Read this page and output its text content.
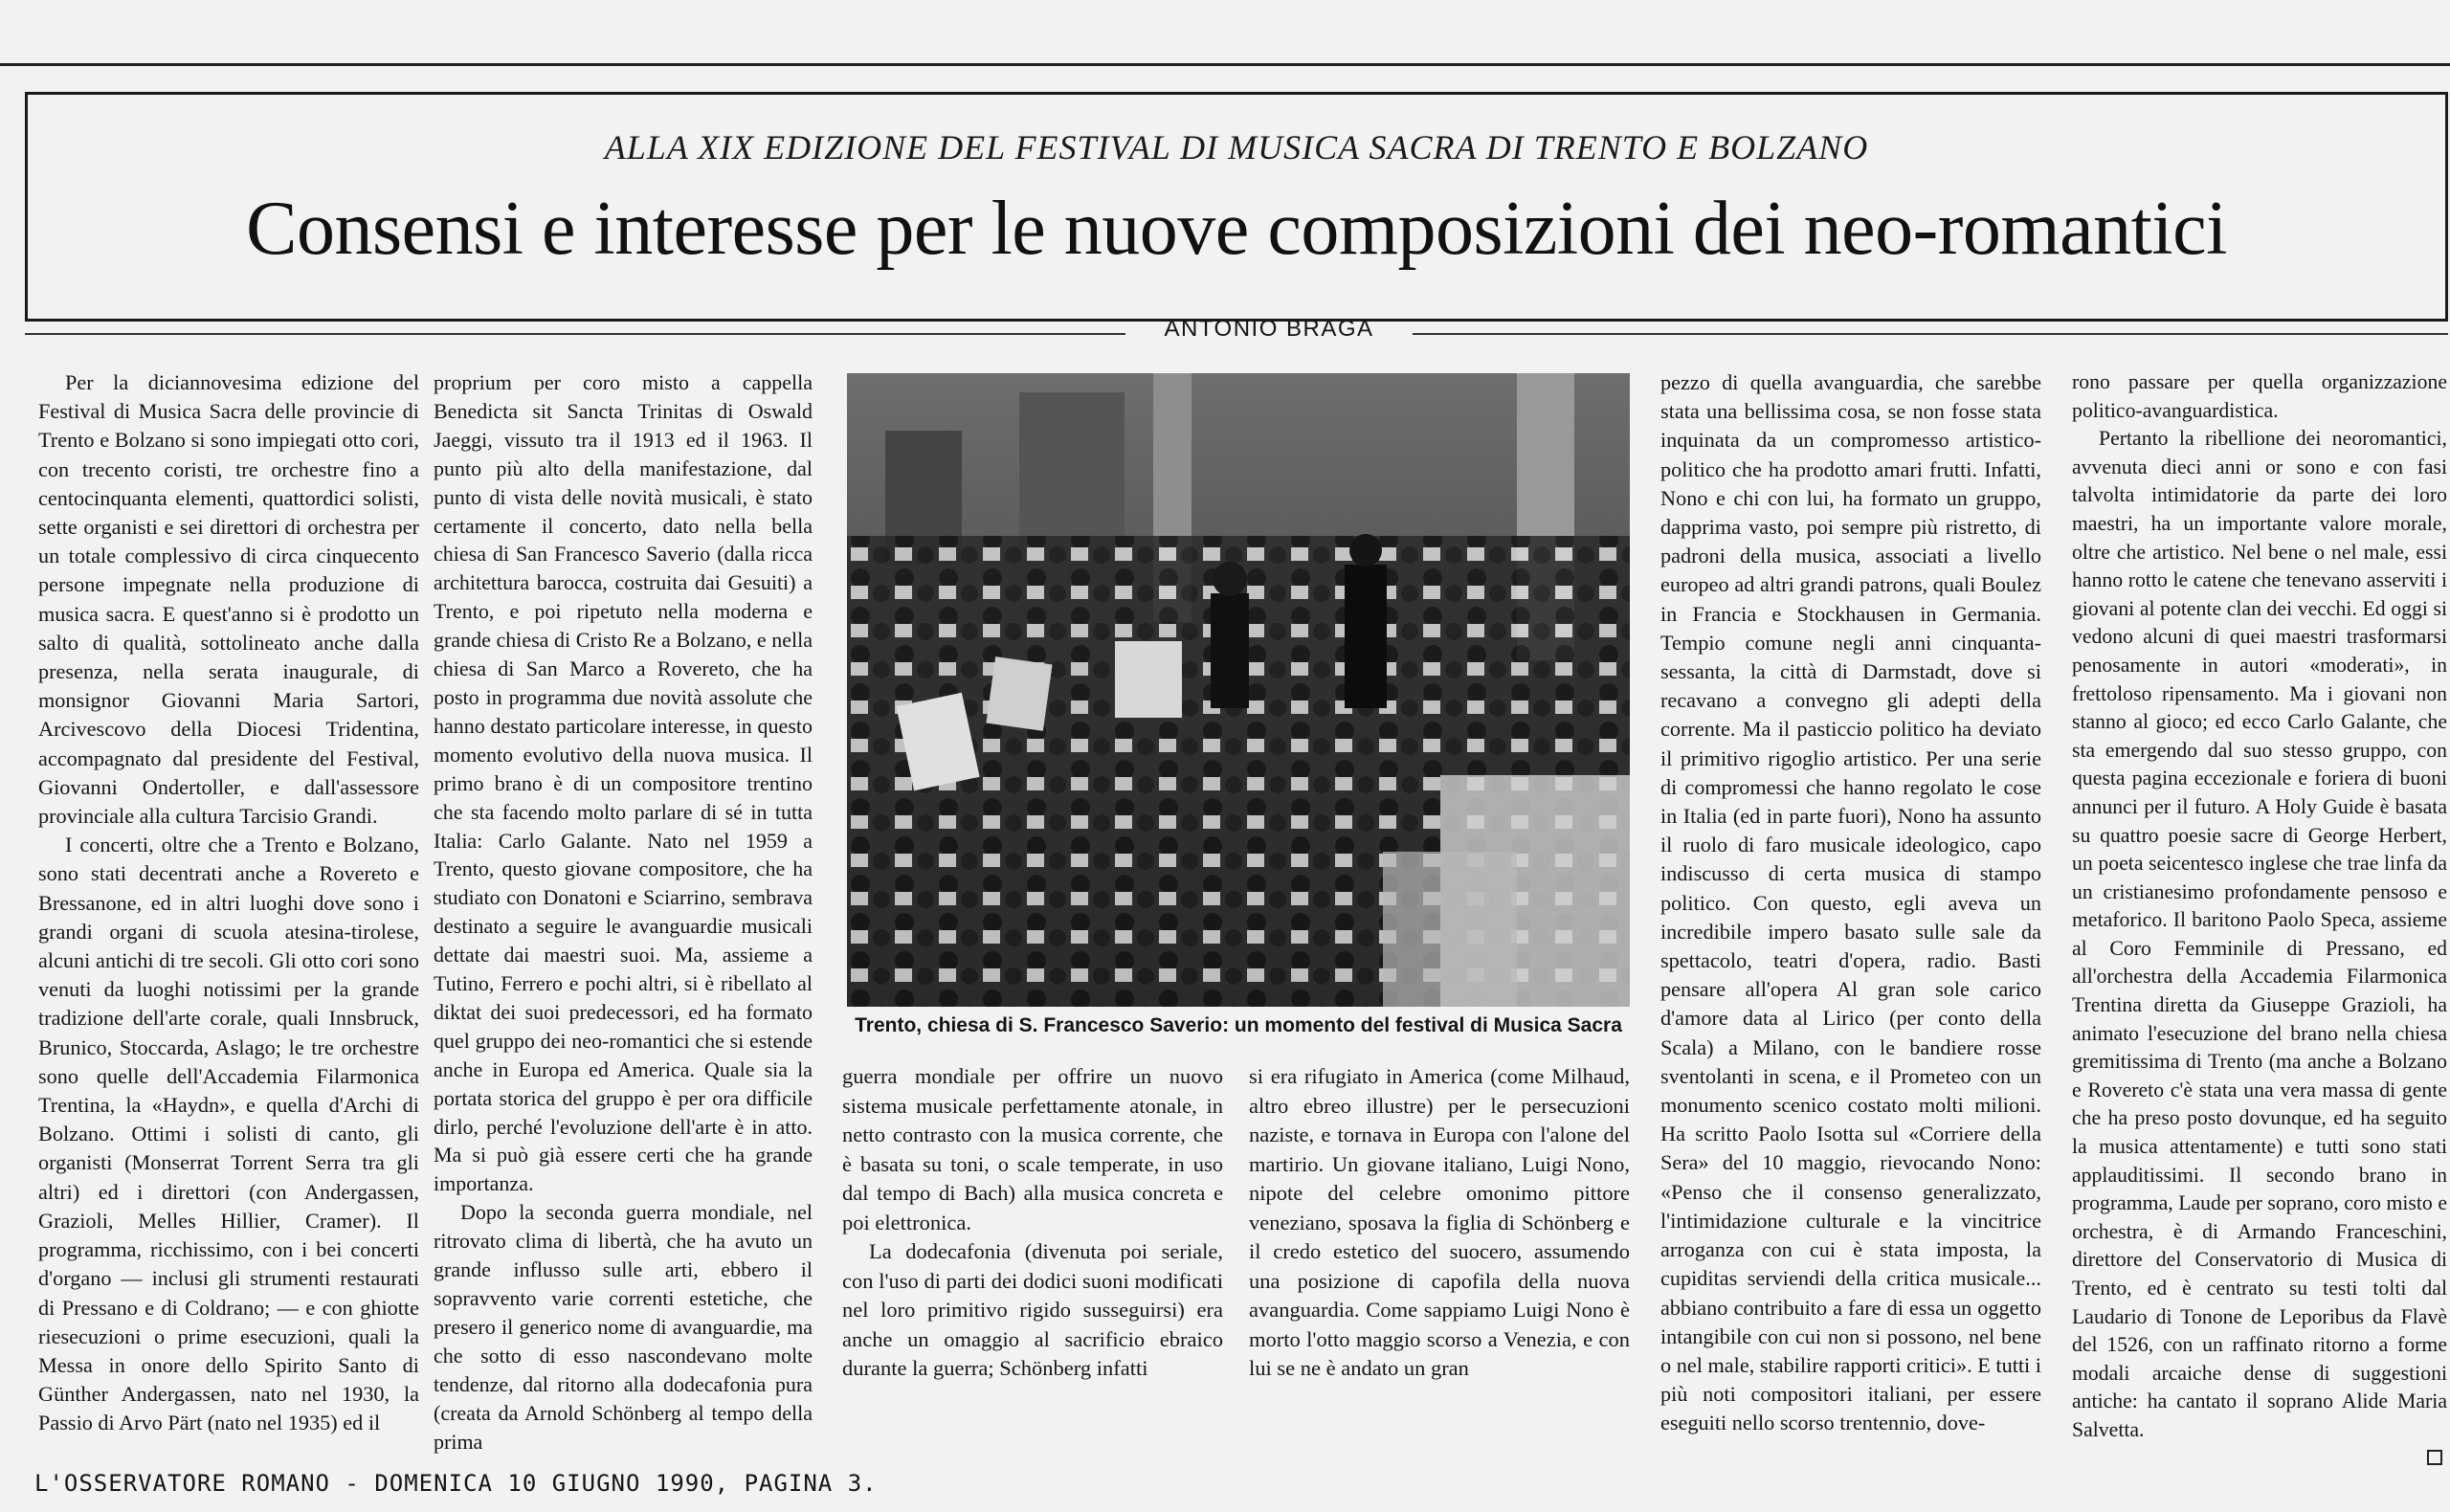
ALLA XIX EDIZIONE DEL FESTIVAL DI MUSICA SACRA DI TRENTO E BOLZANO
Consensi e interesse per le nuove composizioni dei neo-romantici
ANTONIO BRAGA

Per la diciannovesima edizione del Festival di Musica Sacra delle provincie di Trento e Bolzano si sono impiegati otto cori, con trecento coristi, tre orchestre fino a centocinquanta elementi, quattordici solisti, sette organisti e sei direttori di orchestra per un totale complessivo di circa cinquecento persone impegnate nella produzione di musica sacra. E quest'anno si è prodotto un salto di qualità, sottolineato anche dalla presenza, nella serata inaugurale, di monsignor Giovanni Maria Sartori, Arcivescovo della Diocesi Tridentina, accompagnato dal presidente del Festival, Giovanni Ondertoller, e dall'assessore provinciale alla cultura Tarcisio Grandi.

I concerti, oltre che a Trento e Bolzano, sono stati decentrati anche a Rovereto e Bressanone, ed in altri luoghi dove sono i grandi organi di scuola atesina-tirolese, alcuni antichi di tre secoli. Gli otto cori sono venuti da luoghi notissimi per la grande tradizione dell'arte corale, quali Innsbruck, Brunico, Stoccarda, Aslago; le tre orchestre sono quelle dell'Accademia Filarmonica Trentina, la «Haydn», e quella d'Archi di Bolzano. Ottimi i solisti di canto, gli organisti (Monserrat Torrent Serra tra gli altri) ed i direttori (con Andergassen, Grazioli, Melles Hillier, Cramer). Il programma, ricchissimo, con i bei concerti d'organo — inclusi gli strumenti restaurati di Pressano e di Coldrano; — e con ghiotte riesecuzioni o prime esecuzioni, quali la Messa in onore dello Spirito Santo di Günther Andergassen, nato nel 1930, la Passio di Arvo Pärt (nato nel 1935) ed il

proprium per coro misto a cappella Benedicta sit Sancta Trinitas di Oswald Jaeggi, vissuto tra il 1913 ed il 1963. Il punto più alto della manifestazione, dal punto di vista delle novità musicali, è stato certamente il concerto, dato nella bella chiesa di San Francesco Saverio (dalla ricca architettura barocca, costruita dai Gesuiti) a Trento, e poi ripetuto nella moderna e grande chiesa di Cristo Re a Bolzano, e nella chiesa di San Marco a Rovereto, che ha posto in programma due novità assolute che hanno destato particolare interesse, in questo momento evolutivo della nuova musica. Il primo brano è di un compositore trentino che sta facendo molto parlare di sé in tutta Italia: Carlo Galante. Nato nel 1959 a Trento, questo giovane compositore, che ha studiato con Donatoni e Sciarrino, sembrava destinato a seguire le avanguardie musicali dettate dai maestri suoi. Ma, assieme a Tutino, Ferrero e pochi altri, si è ribellato al diktat dei suoi predecessori, ed ha formato quel gruppo dei neo-romantici che si estende anche in Europa ed America. Quale sia la portata storica del gruppo è per ora difficile dirlo, perché l'evoluzione dell'arte è in atto. Ma si può già essere certi che ha grande importanza.

Dopo la seconda guerra mondiale, nel ritrovato clima di libertà, che ha avuto un grande influsso sulle arti, ebbero il sopravvento varie correnti estetiche, che presero il generico nome di avanguardie, ma che sotto di esso nascondevano molte tendenze, dal ritorno alla dodecafonia pura (creata da Arnold Schönberg al tempo della prima

Trento, chiesa di S. Francesco Saverio: un momento del festival di Musica Sacra

guerra mondiale per offrire un nuovo sistema musicale perfettamente atonale, in netto contrasto con la musica corrente, che è basata su toni, o scale temperate, in uso dal tempo di Bach) alla musica concreta e poi elettronica.

La dodecafonia (divenuta poi seriale, con l'uso di parti dei dodici suoni modificati nel loro primitivo rigido susseguirsi) era anche un omaggio al sacrificio ebraico durante la guerra; Schönberg infatti

si era rifugiato in America (come Milhaud, altro ebreo illustre) per le persecuzioni naziste, e tornava in Europa con l'alone del martirio. Un giovane italiano, Luigi Nono, nipote del celebre omonimo pittore veneziano, sposava la figlia di Schönberg e il credo estetico del suocero, assumendo una posizione di capofila della nuova avanguardia. Come sappiamo Luigi Nono è morto l'otto maggio scorso a Venezia, e con lui se ne è andato un gran

pezzo di quella avanguardia, che sarebbe stata una bellissima cosa, se non fosse stata inquinata da un compromesso artistico-politico che ha prodotto amari frutti. Infatti, Nono e chi con lui, ha formato un gruppo, dapprima vasto, poi sempre più ristretto, di padroni della musica, associati a livello europeo ad altri grandi patrons, quali Boulez in Francia e Stockhausen in Germania. Tempio comune negli anni cinquanta-sessanta, la città di Darmstadt, dove si recavano a convegno gli adepti della corrente. Ma il pasticcio politico ha deviato il primitivo rigoglio artistico. Per una serie di compromessi che hanno regolato le cose in Italia (ed in parte fuori), Nono ha assunto il ruolo di faro musicale ideologico, capo indiscusso di certa musica di stampo politico. Con questo, egli aveva un incredibile impero basato sulle sale da spettacolo, teatri d'opera, radio. Basti pensare all'opera Al gran sole carico d'amore data al Lirico (per conto della Scala) a Milano, con le bandiere rosse sventolanti in scena, e il Prometeo con un monumento scenico costato molti milioni. Ha scritto Paolo Isotta sul «Corriere della Sera» del 10 maggio, rievocando Nono: «Penso che il consenso generalizzato, l'intimidazione culturale e la vincitrice arroganza con cui è stata imposta, la cupiditas serviendi della critica musicale... abbiano contribuito a fare di essa un oggetto intangibile con cui non si possono, nel bene o nel male, stabilire rapporti critici». E tutti i più noti compositori italiani, per essere eseguiti nello scorso trentennio, dove-

rono passare per quella organizzazione politico-avanguardistica.

Pertanto la ribellione dei neoromantici, avvenuta dieci anni or sono e con fasi talvolta intimidatorie da parte dei loro maestri, ha un importante valore morale, oltre che artistico. Nel bene o nel male, essi hanno rotto le catene che tenevano asserviti i giovani al potente clan dei vecchi. Ed oggi si vedono alcuni di quei maestri trasformarsi penosamente in autori «moderati», in frettoloso ripensamento. Ma i giovani non stanno al gioco; ed ecco Carlo Galante, che sta emergendo dal suo stesso gruppo, con questa pagina eccezionale e foriera di buoni annunci per il futuro. A Holy Guide è basata su quattro poesie sacre di George Herbert, un poeta seicentesco inglese che trae linfa da un cristianesimo profondamente pensoso e metaforico. Il baritono Paolo Speca, assieme al Coro Femminile di Pressano, ed all'orchestra della Accademia Filarmonica Trentina diretta da Giuseppe Grazioli, ha animato l'esecuzione del brano nella chiesa gremitissima di Trento (ma anche a Bolzano e Rovereto c'è stata una vera massa di gente che ha preso posto dovunque, ed ha seguito la musica attentamente) e tutti sono stati applauditissimi. Il secondo brano in programma, Laude per soprano, coro misto e orchestra, è di Armando Franceschini, direttore del Conservatorio di Musica di Trento, ed è centrato su testi tolti dal Laudario di Tonone de Leporibus da Flavè del 1526, con un raffinato ritorno a forme modali arcaiche dense di suggestioni antiche: ha cantato il soprano Alide Maria Salvetta.

L'OSSERVATORE ROMANO - DOMENICA 10 GIUGNO 1990, PAGINA 3.
